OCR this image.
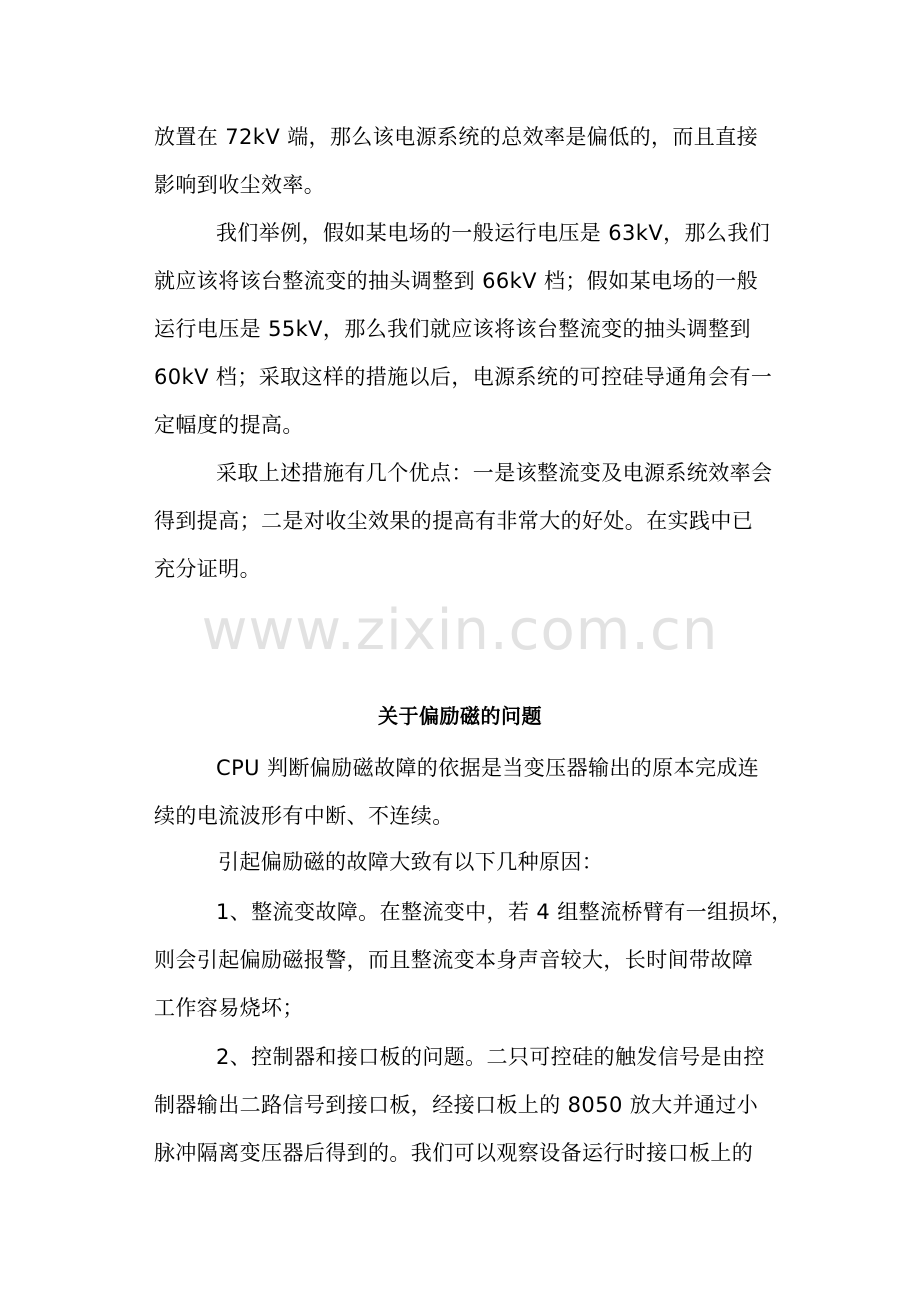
放置在 72kV 端，那么该电源系统的总效率是偏低的，而且直接
影响到收尘效率。
我们举例，假如某电场的一般运行电压是 63kV，那么我们
就应该将该台整流变的抽头调整到 66kV 档；假如某电场的一般
运行电压是 55kV，那么我们就应该将该台整流变的抽头调整到
60kV 档；采取这样的措施以后，电源系统的可控硅导通角会有一
定幅度的提高。
采取上述措施有几个优点：一是该整流变及电源系统效率会
得到提高；二是对收尘效果的提高有非常大的好处。在实践中已
充分证明。
www.zixin.com.cn
关于偏励磁的问题
CPU 判断偏励磁故障的依据是当变压器输出的原本完成连
续的电流波形有中断、不连续。
引起偏励磁的故障大致有以下几种原因：
1、整流变故障。在整流变中，若 4 组整流桥臂有一组损坏，
则会引起偏励磁报警，而且整流变本身声音较大，长时间带故障
工作容易烧坏；
2、控制器和接口板的问题。二只可控硅的触发信号是由控
制器输出二路信号到接口板，经接口板上的 8050 放大并通过小
脉冲隔离变压器后得到的。我们可以观察设备运行时接口板上的
